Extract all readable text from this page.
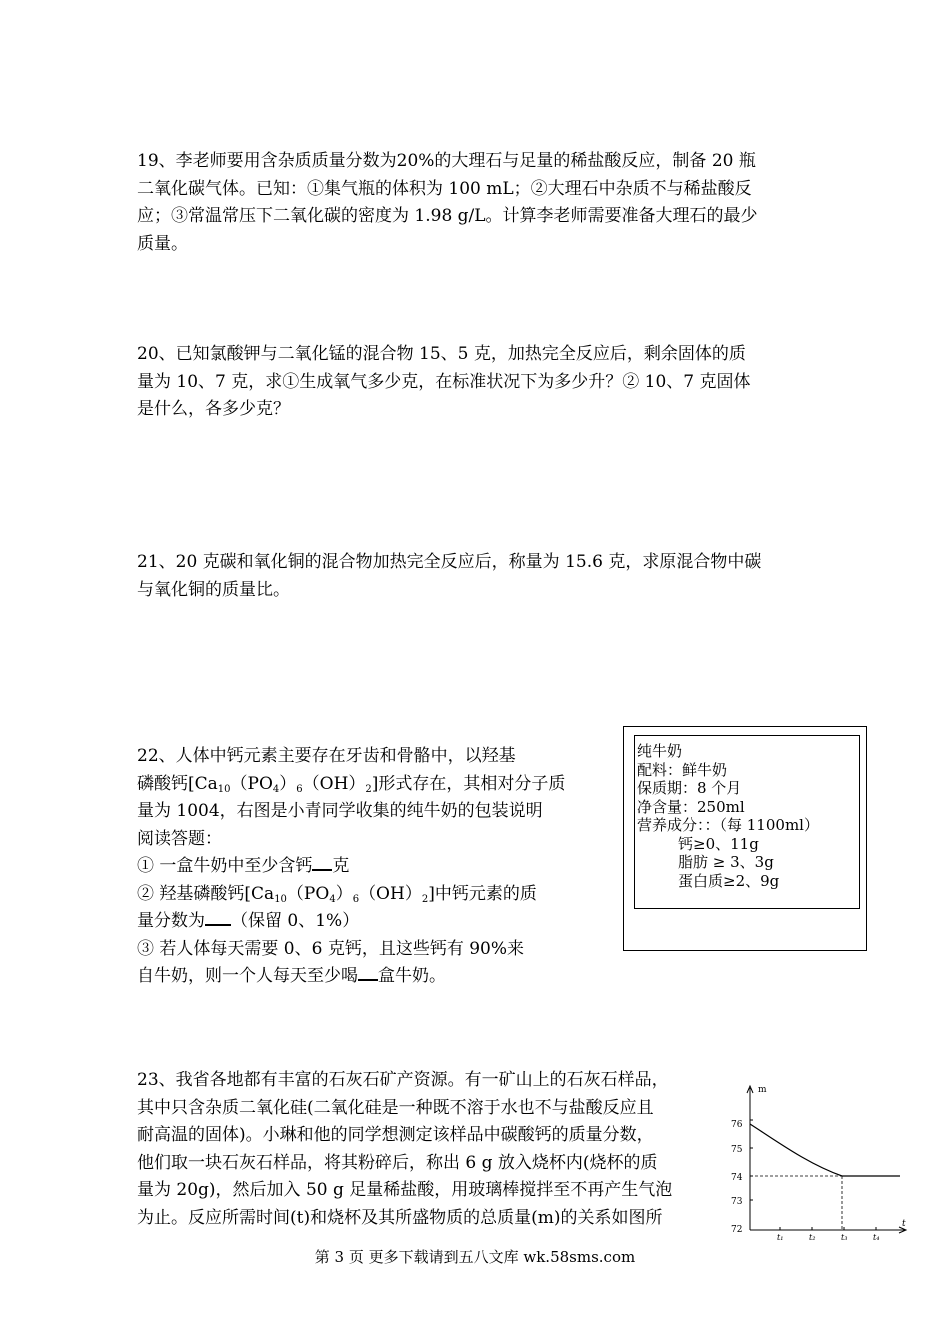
19、李老师要用含杂质质量分数为20%的大理石与足量的稀盐酸反应，制备 20 瓶
二氧化碳气体。已知：①集气瓶的体积为 100 mL；②大理石中杂质不与稀盐酸反
应；③常温常压下二氧化碳的密度为 1.98 g/L。计算李老师需要准备大理石的最少
质量。
20、已知氯酸钾与二氧化锰的混合物 15、5 克，加热完全反应后，剩余固体的质
量为 10、7 克，求①生成氧气多少克，在标准状况下为多少升？② 10、7 克固体
是什么，各多少克？
21、20 克碳和氧化铜的混合物加热完全反应后，称量为 15.6 克，求原混合物中碳
与氧化铜的质量比。
22、人体中钙元素主要存在牙齿和骨骼中，以羟基
磷酸钙$[Ca_{10}(PO_4)_6(OH)_2]$形式存在，其相对分子质
量为 1004，右图是小青同学收集的纯牛奶的包装说明
阅读答题：
① 一盒牛奶中至少含钙 克
② 羟基磷酸钙$[Ca_{10}(PO_4)_6(OH)_2]$中钙元素的质
量分数为 （保留 0、1%）
③ 若人体每天需要 0、6 克钙，且这些钙有 90%来
自牛奶，则一个人每天至少喝 盒牛奶。
纯牛奶
配料：鲜牛奶
保质期：8 个月
净含量：250ml
营养成分：：（每 1100ml）
钙≥0、11g
脂肪 ≥ 3、3g
蛋白质≥2、9g
23、我省各地都有丰富的石灰石矿产资源。有一矿山上的石灰石样品，
其中只含杂质二氧化硅(二氧化硅是一种既不溶于水也不与盐酸反应且
耐高温的固体)。小琳和他的同学想测定该样品中碳酸钙的质量分数，
他们取一块石灰石样品，将其粉碎后，称出 6 g 放入烧杯内(烧杯的质
量为 20g)，然后加入 50 g 足量稀盐酸，用玻璃棒搅拌至不再产生气泡
为止。反应所需时间(t)和烧杯及其所盛物质的总质量(m)的关系如图所
m
t
76
75
74
73
72
t₁	t₂	t₃	t₄
第 3 页 更多下载请到五八文库 wk.58sms.com
